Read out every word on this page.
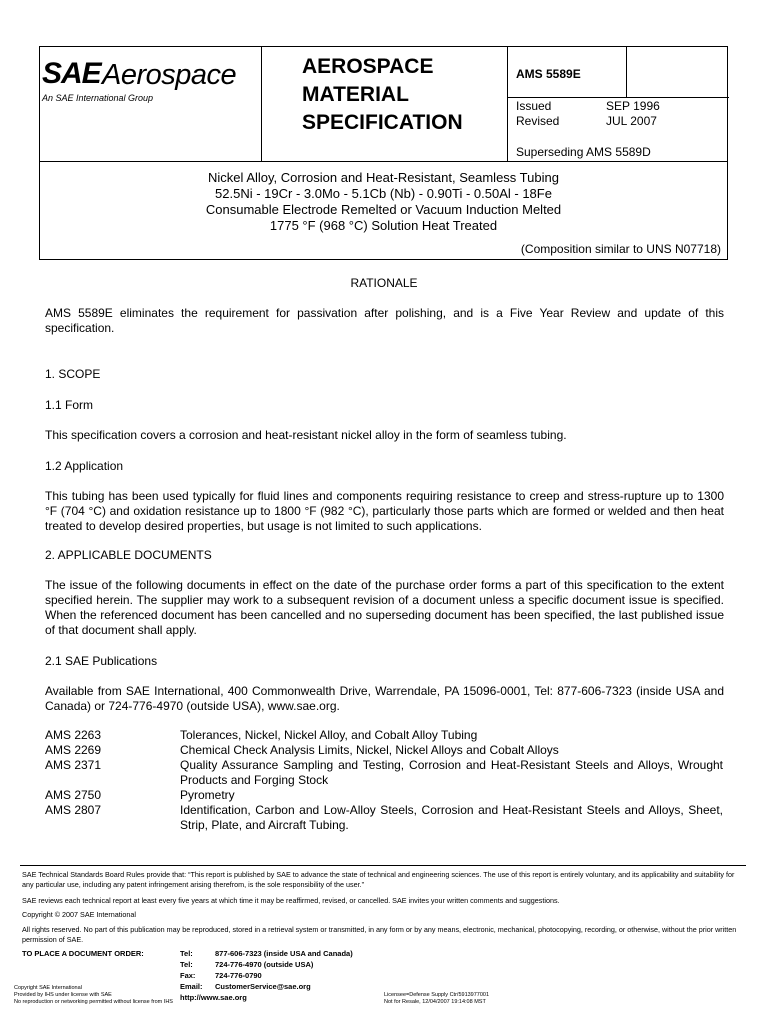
SAE Aerospace
An SAE International Group
AEROSPACE
MATERIAL
SPECIFICATION
AMS 5589E
Issued	SEP 1996
Revised	JUL 2007
Superseding AMS 5589D
Nickel Alloy, Corrosion and Heat-Resistant, Seamless Tubing
52.5Ni - 19Cr - 3.0Mo - 5.1Cb (Nb) - 0.90Ti - 0.50Al - 18Fe
Consumable Electrode Remelted or Vacuum Induction Melted
1775 °F (968 °C) Solution Heat Treated
(Composition similar to UNS N07718)
RATIONALE
AMS 5589E eliminates the requirement for passivation after polishing, and is a Five Year Review and update of this specification.
1. SCOPE
1.1 Form
This specification covers a corrosion and heat-resistant nickel alloy in the form of seamless tubing.
1.2 Application
This tubing has been used typically for fluid lines and components requiring resistance to creep and stress-rupture up to 1300 °F (704 °C) and oxidation resistance up to 1800 °F (982 °C), particularly those parts which are formed or welded and then heat treated to develop desired properties, but usage is not limited to such applications.
2. APPLICABLE DOCUMENTS
The issue of the following documents in effect on the date of the purchase order forms a part of this specification to the extent specified herein. The supplier may work to a subsequent revision of a document unless a specific document issue is specified. When the referenced document has been cancelled and no superseding document has been specified, the last published issue of that document shall apply.
2.1 SAE Publications
Available from SAE International, 400 Commonwealth Drive, Warrendale, PA 15096-0001, Tel: 877-606-7323 (inside USA and Canada) or 724-776-4970 (outside USA), www.sae.org.
AMS 2263	Tolerances, Nickel, Nickel Alloy, and Cobalt Alloy Tubing
AMS 2269	Chemical Check Analysis Limits, Nickel, Nickel Alloys and Cobalt Alloys
AMS 2371	Quality Assurance Sampling and Testing, Corrosion and Heat-Resistant Steels and Alloys, Wrought Products and Forging Stock
AMS 2750	Pyrometry
AMS 2807	Identification, Carbon and Low-Alloy Steels, Corrosion and Heat-Resistant Steels and Alloys, Sheet, Strip, Plate, and Aircraft Tubing.
SAE Technical Standards Board Rules provide that: “This report is published by SAE to advance the state of technical and engineering sciences. The use of this report is entirely voluntary, and its applicability and suitability for any particular use, including any patent infringement arising therefrom, is the sole responsibility of the user.”
SAE reviews each technical report at least every five years at which time it may be reaffirmed, revised, or cancelled. SAE invites your written comments and suggestions.
Copyright © 2007 SAE International
All rights reserved. No part of this publication may be reproduced, stored in a retrieval system or transmitted, in any form or by any means, electronic, mechanical, photocopying, recording, or otherwise, without the prior written permission of SAE.
TO PLACE A DOCUMENT ORDER:	Tel:	877-606-7323 (inside USA and Canada)
Tel:	724-776-4970 (outside USA)
Fax:	724-776-0790
Email: CustomerService@sae.org
http://www.sae.org
Copyright SAE International
Provided by IHS under license with SAE
No reproduction or networking permitted without license from IHS
Licensee=Defense Supply Ctr/5913977001
Not for Resale, 12/04/2007 19:14:08 MST
